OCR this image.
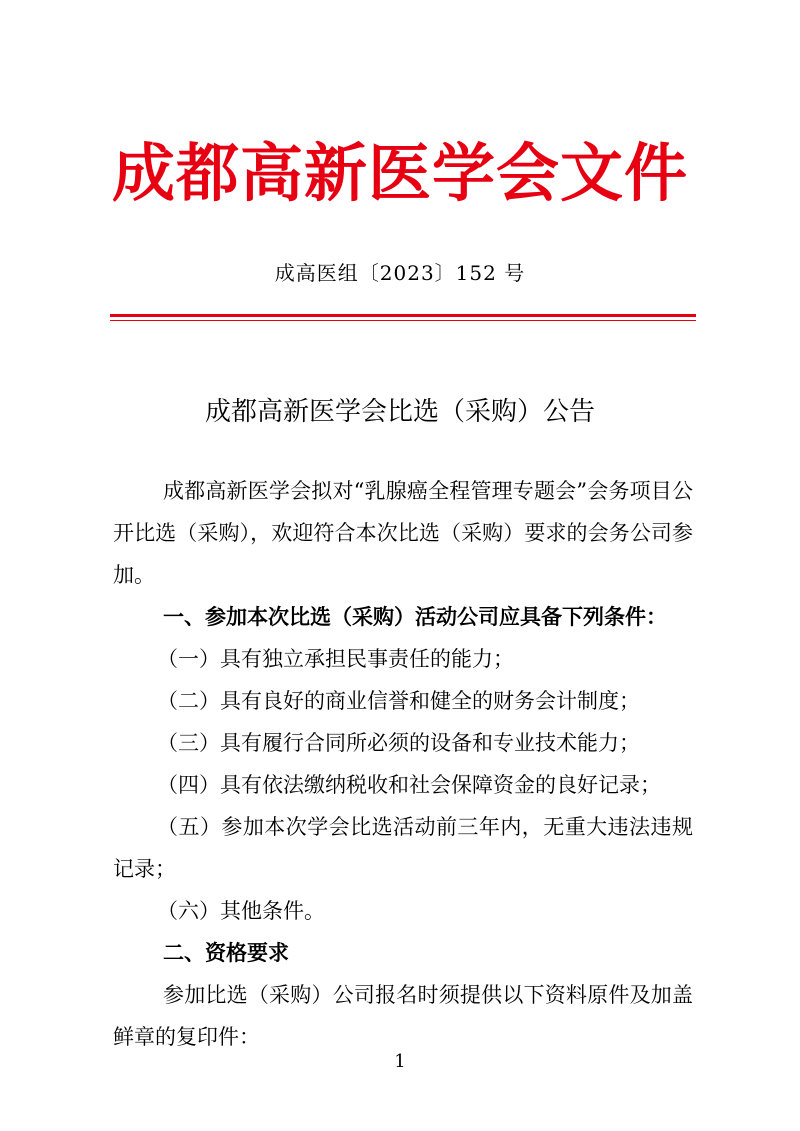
成都高新医学会文件
成高医组〔2023〕152 号
成都高新医学会比选（采购）公告

成都高新医学会拟对“乳腺癌全程管理专题会”会务项目公开比选（采购），欢迎符合本次比选（采购）要求的会务公司参加。

一、参加本次比选（采购）活动公司应具备下列条件：

（一）具有独立承担民事责任的能力；

（二）具有良好的商业信誉和健全的财务会计制度；

（三）具有履行合同所必须的设备和专业技术能力；

（四）具有依法缴纳税收和社会保障资金的良好记录；

（五）参加本次学会比选活动前三年内，无重大违法违规记录；

（六）其他条件。

二、资格要求

参加比选（采购）公司报名时须提供以下资料原件及加盖鲜章的复印件：

1
